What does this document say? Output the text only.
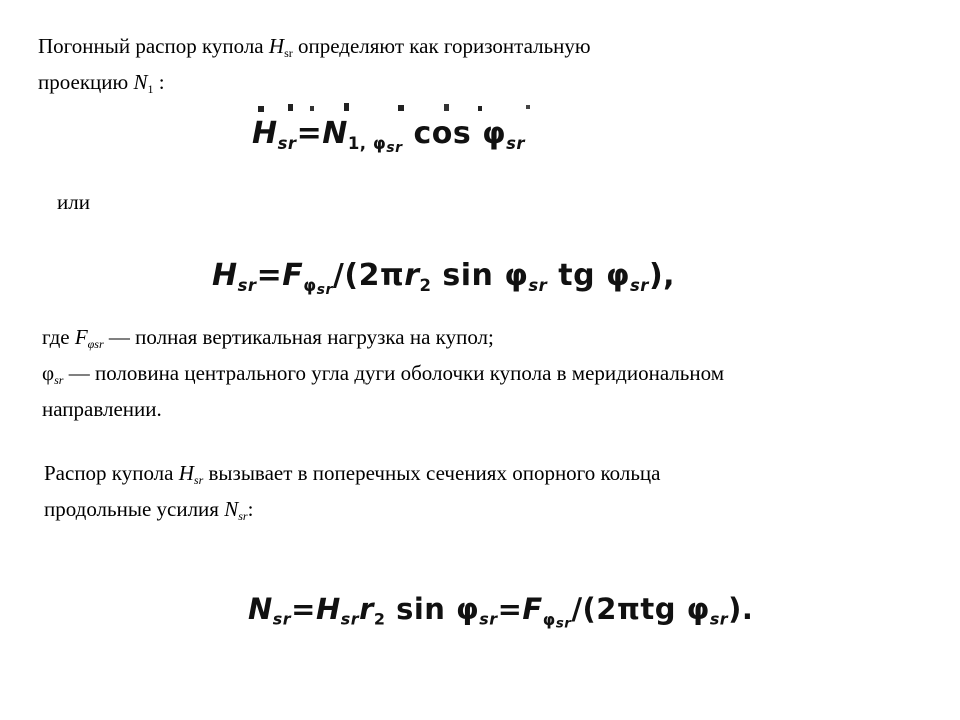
Погонный распор купола $H_{sr}$ определяют как горизонтальную
проекцию $N_1$ :
$H_{sr}=N_{1, \varphi_{sr}}$ $\cos \varphi_{sr}$
или
$H_{sr}=F_{\varphi_{sr}}/(2\pi r_2$ $\sin \varphi_{sr}$ tg $\varphi_{sr}$),
где $F_{\varphi sr}$ — полная вертикальная нагрузка на купол;
$\varphi_{sr}$ — половина центрального угла дуги оболочки купола в меридиональном
направлении.
Распор купола $H_{sr}$ вызывает в поперечных сечениях опорного кольца
продольные усилия $N_{sr}$:
$N_{sr}=H_{sr}r_2$ $\sin \varphi_{sr}=F_{\varphi_{sr}}/(2\pi tg$ $\varphi_{sr}$).
